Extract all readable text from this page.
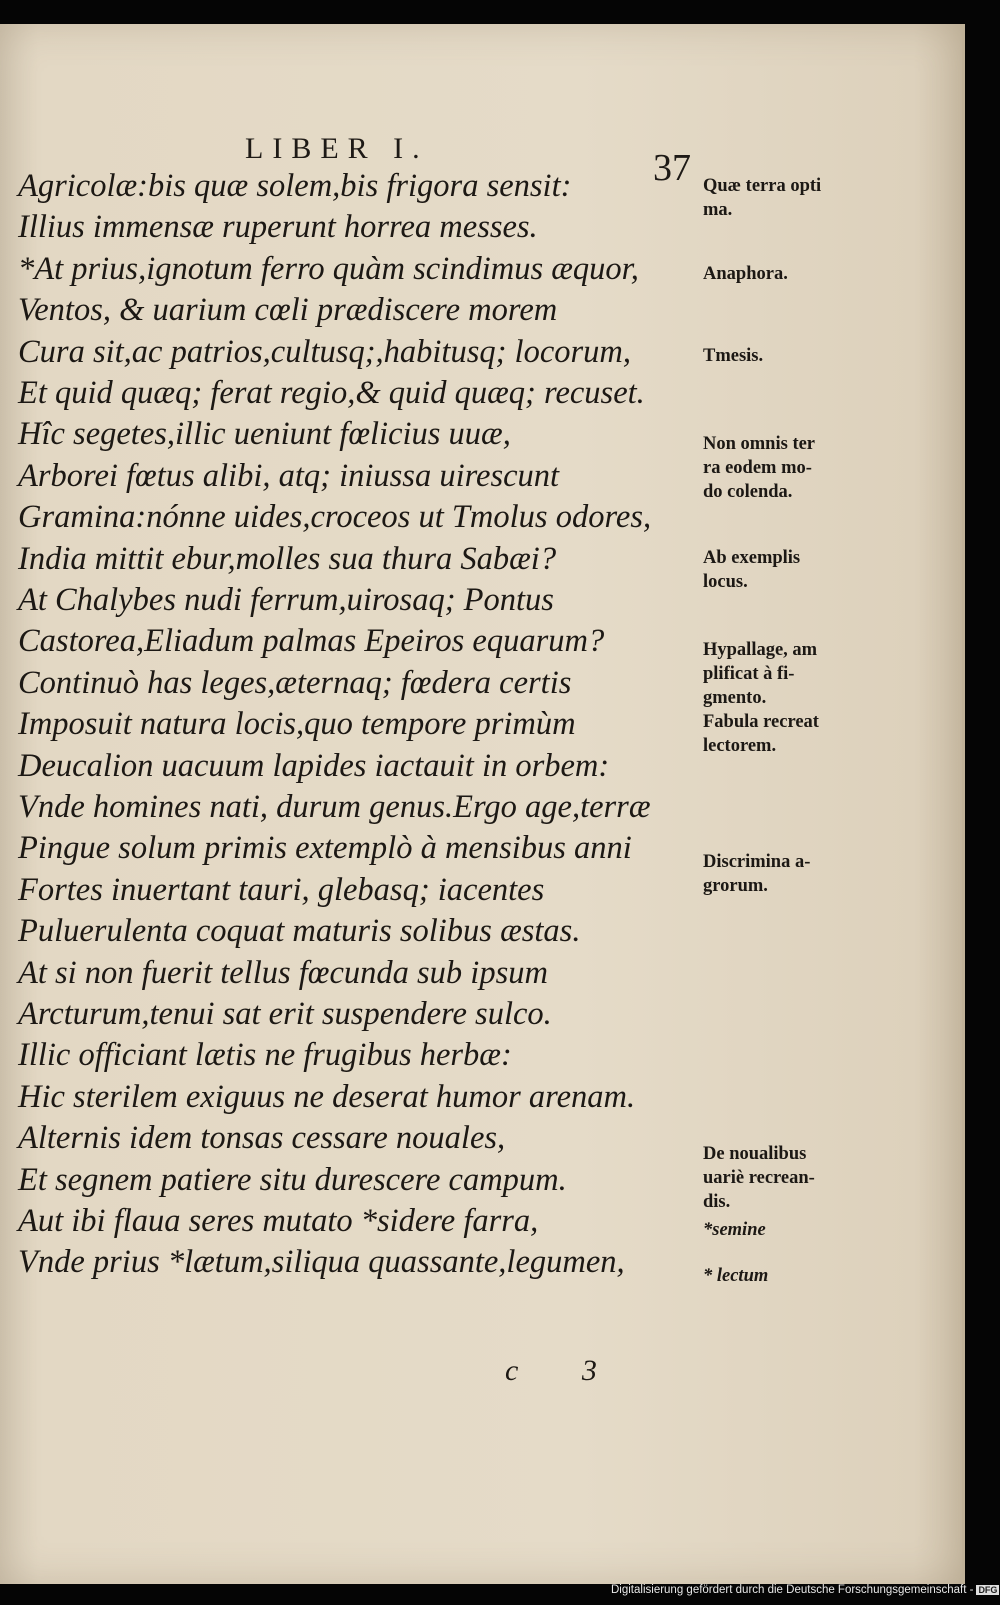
LIBER I.	37
Agricolæ:bis quæ solem,bis frigora sensit:
Illius immensæ ruperunt horrea messes.
*At prius,ignotum ferro quàm scindimus æquor,
Ventos, & uarium cœli prædiscere morem
Cura sit,ac patrios,cultusq;,habitusq; locorum,
Et quid quæq; ferat regio,& quid quæq; recuset.
Hîc segetes,illic ueniunt fœlicius uuæ,
Arborei fœtus alibi, atq; iniussa uirescunt
Gramina:nónne uides,croceos ut Tmolus odores,
India mittit ebur,molles sua thura Sabæi?
At Chalybes nudi ferrum,uirosaq; Pontus
Castorea,Eliadum palmas Epeiros equarum?
Continuò has leges,æternaq; fœdera certis
Imposuit natura locis,quo tempore primùm
Deucalion uacuum lapides iactauit in orbem:
Vnde homines nati, durum genus.Ergo age,terræ
Pingue solum primis extemplò à mensibus anni
Fortes inuertant tauri, glebasq; iacentes
Puluerulenta coquat maturis solibus æstas.
At si non fuerit tellus fœcunda sub ipsum
Arcturum,tenui sat erit suspendere sulco.
Illic officiant lætis ne frugibus herbæ:
Hic sterilem exiguus ne deserat humor arenam.
Alternis idem tonsas cessare nouales,
Et segnem patiere situ durescere campum.
Aut ibi flaua seres mutato *sidere farra,
Vnde prius *lætum,siliqua quassante,legumen,
Quæ terra opti
ma.
Anaphora.
Tmesis.
Non omnis ter
ra eodem mo-
do colenda.
Ab exemplis
locus.
Hypallage, am
plificat à fi-
gmento.
Fabula recreat
lectorem.
Discrimina a-
grorum.
De noualibus
uariè recrean-
dis.
*semine
* lectum
c 3
Digitalisierung gefördert durch die Deutsche Forschungsgemeinschaft - DFG
